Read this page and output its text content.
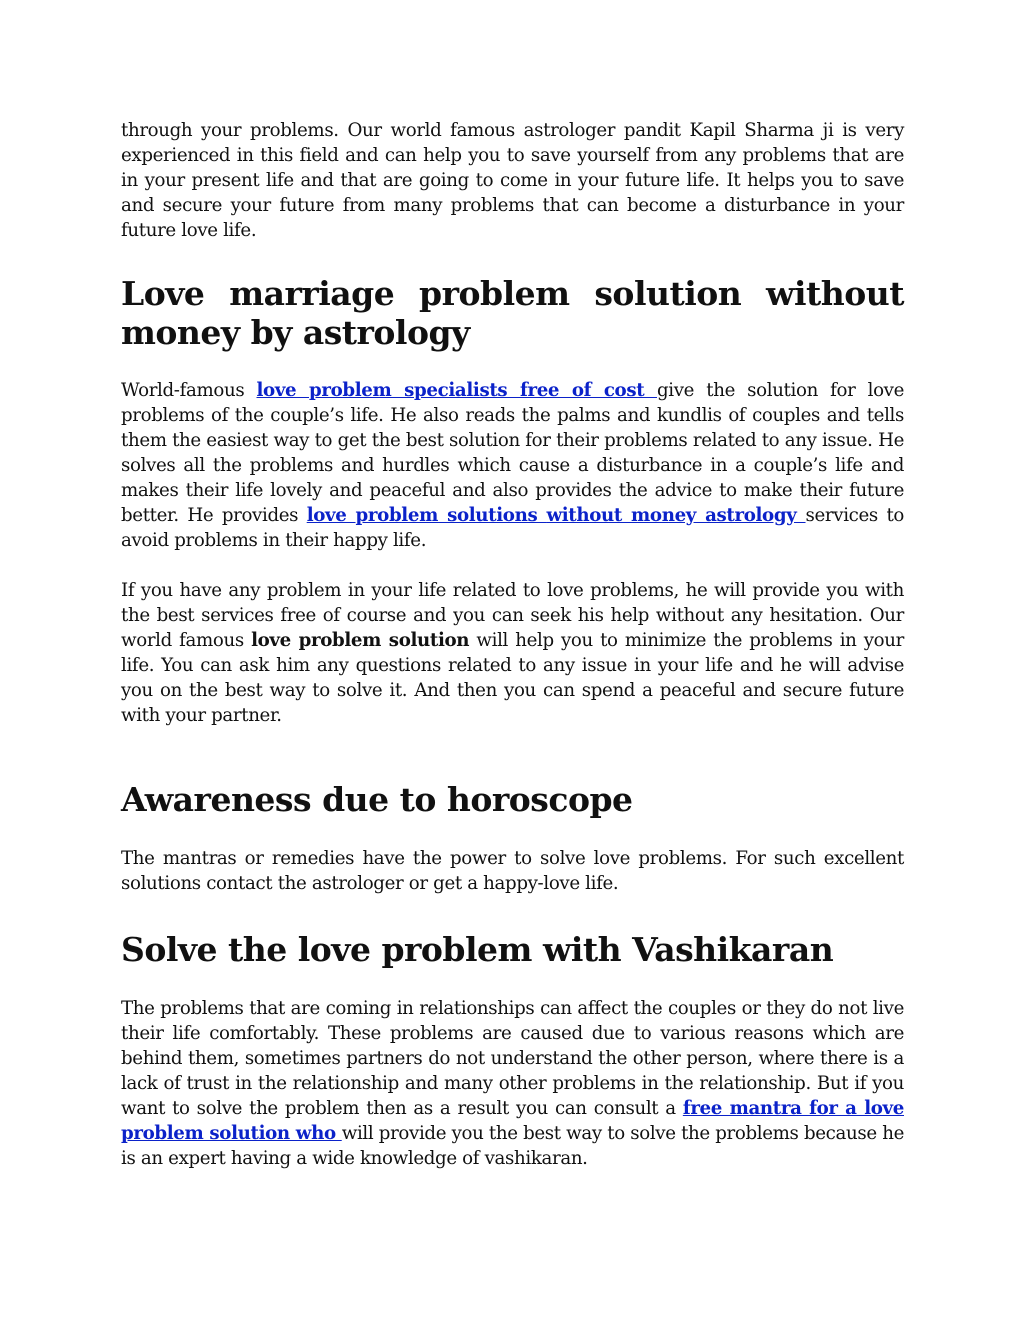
through your problems. Our world famous astrologer pandit Kapil Sharma ji is very experienced in this field and can help you to save yourself from any problems that are in your present life and that are going to come in your future life. It helps you to save and secure your future from many problems that can become a disturbance in your future love life.

Love marriage problem solution without money by astrology

World-famous love problem specialists free of cost give the solution for love problems of the couple’s life. He also reads the palms and kundlis of couples and tells them the easiest way to get the best solution for their problems related to any issue. He solves all the problems and hurdles which cause a disturbance in a couple’s life and makes their life lovely and peaceful and also provides the advice to make their future better. He provides love problem solutions without money astrology services to avoid problems in their happy life.

If you have any problem in your life related to love problems, he will provide you with the best services free of course and you can seek his help without any hesitation. Our world famous love problem solution will help you to minimize the problems in your life. You can ask him any questions related to any issue in your life and he will advise you on the best way to solve it. And then you can spend a peaceful and secure future with your partner.

Awareness due to horoscope

The mantras or remedies have the power to solve love problems. For such excellent solutions contact the astrologer or get a happy-love life.

Solve the love problem with Vashikaran

The problems that are coming in relationships can affect the couples or they do not live their life comfortably. These problems are caused due to various reasons which are behind them, sometimes partners do not understand the other person, where there is a lack of trust in the relationship and many other problems in the relationship. But if you want to solve the problem then as a result you can consult a free mantra for a love problem solution who will provide you the best way to solve the problems because he is an expert having a wide knowledge of vashikaran.
